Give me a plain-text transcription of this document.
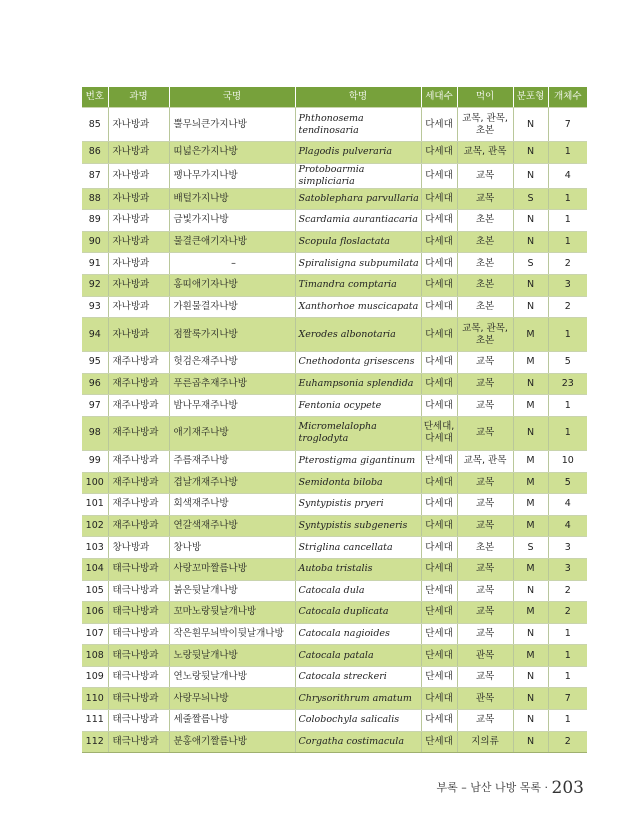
번호	과명	국명	학명	세대수	먹이	분포형	개체수
85	자나방과	뿔무늬큰가지나방	Phthonosema tendinosaria	다세대	교목, 관목, 초본	N	7
86	자나방과	띠넓은가지나방	Plagodis pulveraria	다세대	교목, 관목	N	1
87	자나방과	팽나무가지나방	Protoboarmia simpliciaria	다세대	교목	N	4
88	자나방과	배털가지나방	Satoblephara parvullaria	다세대	교목	S	1
89	자나방과	금빛가지나방	Scardamia aurantiacaria	다세대	초본	N	1
90	자나방과	물결큰애기자나방	Scopula floslactata	다세대	초본	N	1
91	자나방과	–	Spiralisigna subpumilata	다세대	초본	S	2
92	자나방과	홍띠애기자나방	Timandra comptaria	다세대	초본	N	3
93	자나방과	가흰물결자나방	Xanthorhoe muscicapata	다세대	초본	N	2
94	자나방과	점짤룩가지나방	Xerodes albonotaria	다세대	교목, 관목, 초본	M	1
95	재주나방과	헛검은재주나방	Cnethodonta grisescens	다세대	교목	M	5
96	재주나방과	푸른곱추재주나방	Euhampsonia splendida	다세대	교목	N	23
97	재주나방과	밤나무재주나방	Fentonia ocypete	다세대	교목	M	1
98	재주나방과	애기재주나방	Micromelalopha troglodyta	단세대, 다세대	교목	N	1
99	재주나방과	주름재주나방	Pterostigma gigantinum	단세대	교목, 관목	M	10
100	재주나방과	겹날개재주나방	Semidonta biloba	다세대	교목	M	5
101	재주나방과	회색재주나방	Syntypistis pryeri	다세대	교목	M	4
102	재주나방과	연갈색재주나방	Syntypistis subgeneris	다세대	교목	M	4
103	창나방과	창나방	Striglina cancellata	다세대	초본	S	3
104	태극나방과	사랑꼬마짤름나방	Autoba tristalis	다세대	교목	M	3
105	태극나방과	붉은뒷날개나방	Catocala dula	단세대	교목	N	2
106	태극나방과	꼬마노랑뒷날개나방	Catocala duplicata	단세대	교목	M	2
107	태극나방과	작은흰무늬박이뒷날개나방	Catocala nagioides	단세대	교목	N	1
108	태극나방과	노랑뒷날개나방	Catocala patala	단세대	관목	M	1
109	태극나방과	연노랑뒷날개나방	Catocala streckeri	단세대	교목	N	1
110	태극나방과	사랑무늬나방	Chrysorithrum amatum	다세대	관목	N	7
111	태극나방과	세줄짤름나방	Colobochyla salicalis	다세대	교목	N	1
112	태극나방과	분홍애기짤름나방	Corgatha costimacula	단세대	지의류	N	2
부록 – 남산 나방 목록 · 203
